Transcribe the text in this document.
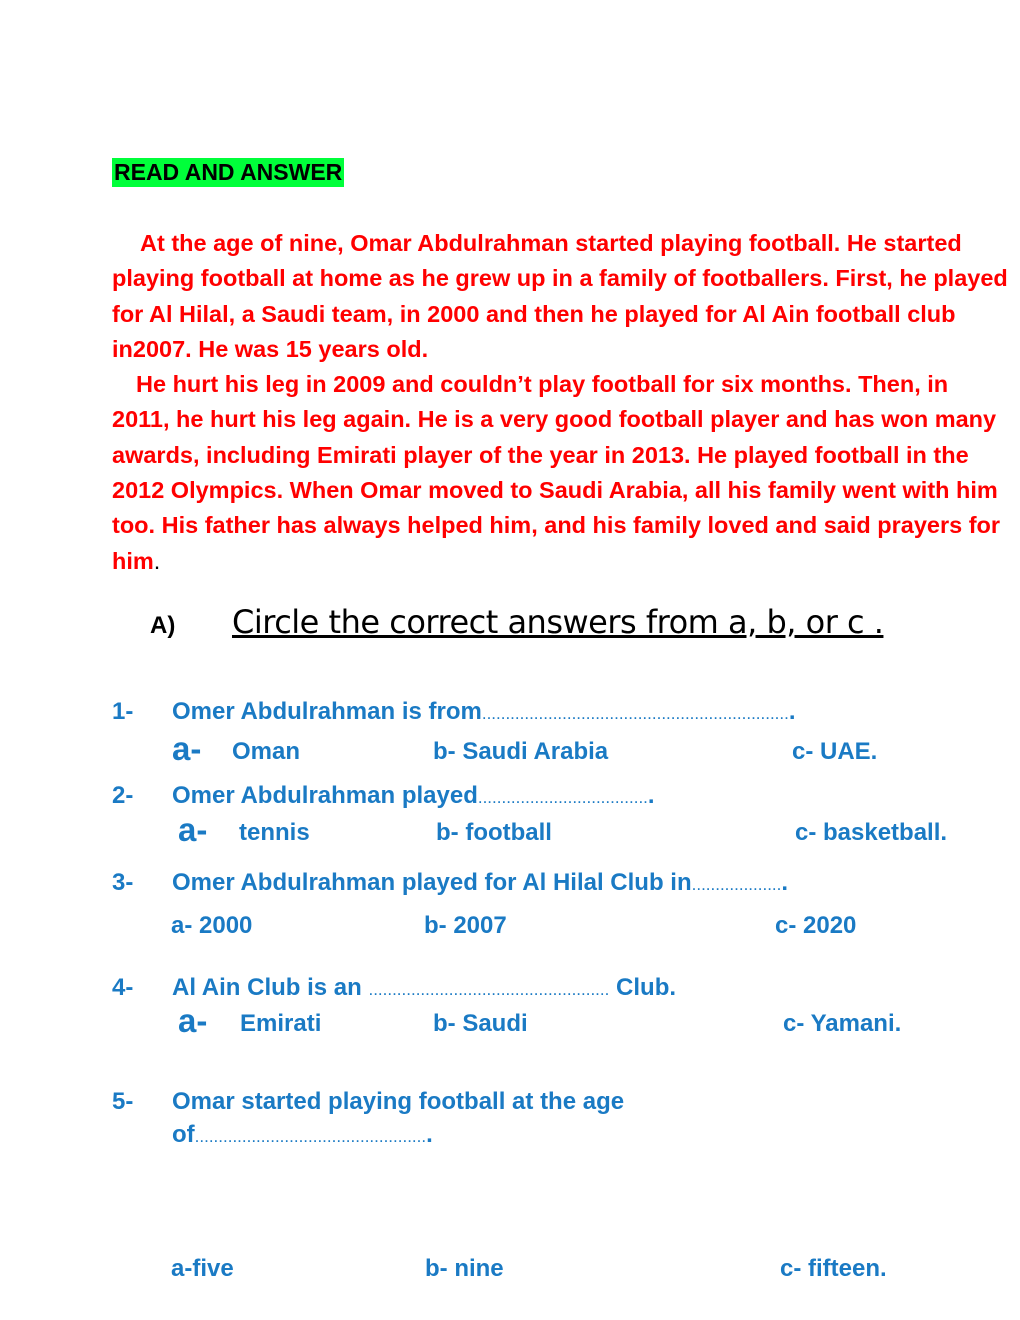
READ AND ANSWER

At the age of nine, Omar Abdulrahman started playing football. He started playing football at home as he grew up in a family of footballers. First, he played for Al Hilal, a Saudi team, in 2000 and then he played for Al Ain football club in2007. He was 15 years old.

He hurt his leg in 2009 and couldn’t play football for six months. Then, in 2011, he hurt his leg again. He is a very good football player and has won many awards, including Emirati player of the year in 2013. He played football in the 2012 Olympics. When Omar moved to Saudi Arabia, all his family went with him too. His father has always helped him, and his family loved and said prayers for him.

A) Circle the correct answers from a, b, or c .
1- Omer Abdulrahman is from..................................................................
a- Oman	b- Saudi Arabia	c- UAE.
2- Omer Abdulrahman played.....................................
a- tennis	b- football	c- basketball.
3- Omer Abdulrahman played for Al Hilal Club in....................
a- 2000	b- 2007	c- 2020
4- Al Ain Club is an ................................................... Club.
a- Emirati	b- Saudi	c- Yamani.
5- Omar started playing football at the age
of..................................................
a-five	b- nine	c- fifteen.
